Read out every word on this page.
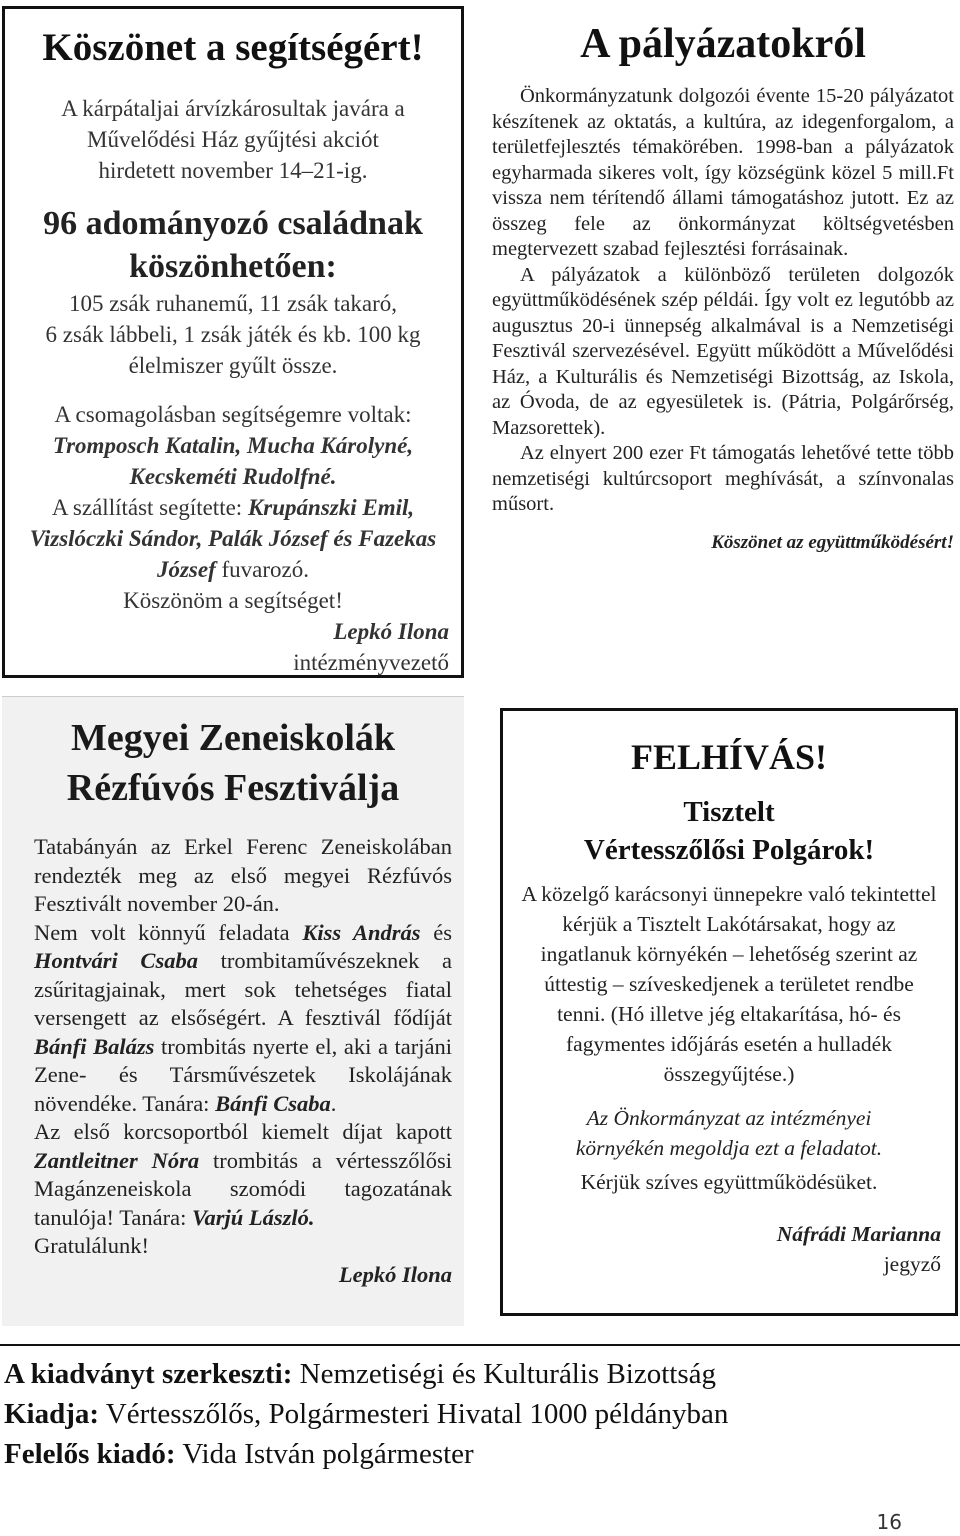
Köszönet a segítségért!

A kárpátaljai árvízkárosultak javára a

Művelődési Ház gyűjtési akciót

hirdetett november 14–21-ig.

96 adományozó családnak

köszönhetően:

105 zsák ruhanemű, 11 zsák takaró,

6 zsák lábbeli, 1 zsák játék és kb. 100 kg

élelmiszer gyűlt össze.

A csomagolásban segítségemre voltak:

Tromposch Katalin, Mucha Károlyné,

Kecskeméti Rudolfné.

A szállítást segítette: Krupánszki Emil,

Vizslóczki Sándor, Palák József és Fazekas

József fuvarozó.

Köszönöm a segítséget!

Lepkó Ilona

intézményvezető

A pályázatokról

Önkormányzatunk dolgozói évente 15-20 pályázatot készítenek az oktatás, a kultúra, az idegenforgalom, a területfejlesztés témakörében. 1998-ban a pályázatok egyharmada sikeres volt, így községünk közel 5 mill.Ft vissza nem térítendő állami támogatáshoz jutott. Ez az összeg fele az önkormányzat költségvetésben megtervezett szabad fejlesztési forrásainak.

A pályázatok a különböző területen dolgozók együttműködésének szép példái. Így volt ez legutóbb az augusztus 20-i ünnepség alkalmával is a Nemzetiségi Fesztivál szervezésével. Együtt működött a Művelődési Ház, a Kulturális és Nemzetiségi Bizottság, az Iskola, az Óvoda, de az egyesületek is. (Pátria, Polgárőrség, Mazsorettek).

Az elnyert 200 ezer Ft támogatás lehetővé tette több nemzetiségi kultúrcsoport meghívását, a színvonalas műsort.

Köszönet az együttműködésért!

Megyei Zeneiskolák
Rézfúvós Fesztiválja

Tatabányán az Erkel Ferenc Zeneiskolában rendezték meg az első megyei Rézfúvós Fesztivált november 20-án.

Nem volt könnyű feladata Kiss András és Hontvári Csaba trombitaművészeknek a zsűritagjainak, mert sok tehetséges fiatal versengett az elsőségért. A fesztivál fődíját Bánfi Balázs trombitás nyerte el, aki a tarjáni Zene- és Társművészetek Iskolájának növendéke. Tanára: Bánfi Csaba.

Az első korcsoportból kiemelt díjat kapott Zantleitner Nóra trombitás a vértesszőlősi Magánzeneiskola szomódi tagozatának tanulója! Tanára: Varjú László.

Gratulálunk!

Lepkó Ilona

FELHÍVÁS!

Tisztelt

Vértesszőlősi Polgárok!

A közelgő karácsonyi ünnepekre való tekintettel kérjük a Tisztelt Lakótársakat, hogy az ingatlanuk környékén – lehetőség szerint az úttestig – szíveskedjenek a területet rendbe tenni. (Hó illetve jég eltakarítása, hó- és fagymentes időjárás esetén a hulladék összegyűjtése.)

Az Önkormányzat az intézményei környékén megoldja ezt a feladatot.

Kérjük szíves együttműködésüket.

Náfrádi Marianna

jegyző

A kiadványt szerkeszti: Nemzetiségi és Kulturális Bizottság

Kiadja: Vértesszőlős, Polgármesteri Hivatal 1000 példányban

Felelős kiadó: Vida István polgármester

16
